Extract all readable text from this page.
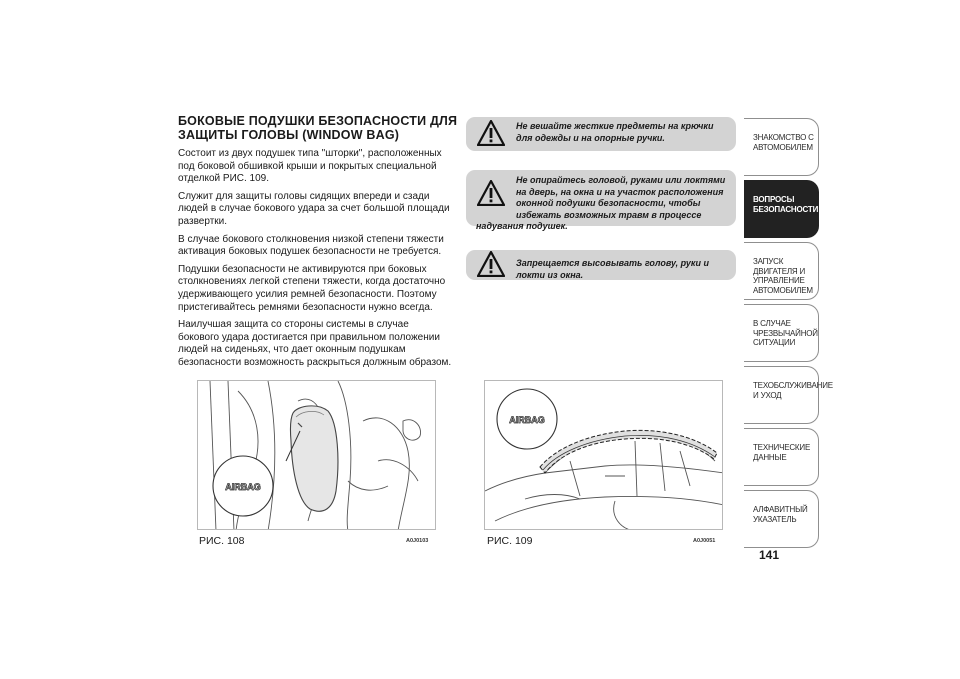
БОКОВЫЕ ПОДУШКИ БЕЗОПАСНОСТИ ДЛЯ ЗАЩИТЫ ГОЛОВЫ (WINDOW BAG)

Состоит из двух подушек типа "шторки", расположенных под боковой обшивкой крыши и покрытых специальной отделкой РИС. 109.

Служит для защиты головы сидящих впереди и сзади людей в случае бокового удара за счет большой площади развертки.

В случае бокового столкновения низкой степени тяжести активация боковых подушек безопасности не требуется.

Подушки безопасности не активируются при боковых столкновениях легкой степени тяжести, когда достаточно удерживающего усилия ремней безопасности. Поэтому пристегивайтесь ремнями безопасности нужно всегда.

Наилучшая защита со стороны системы в случае бокового удара достигается при правильном положении людей на сиденьях, что дает оконным подушкам безопасности возможность раскрыться должным образом.

Не вешайте жесткие предметы на крючки для одежды и на опорные ручки.
Не опирайтесь головой, руками или локтями на дверь, на окна и на участок расположения оконной подушки безопасности, чтобы избежать возможных травм в процессе
надувания подушек.
Запрещается высовывать голову, руки и локти из окна.
AIRBAG
AIRBAG
РИС. 108	A0J0103	РИС. 109	A0J0051
ЗНАКОМСТВО С
АВТОМОБИЛЕМ
ВОПРОСЫ
БЕЗОПАСНОСТИ
ЗАПУСК ДВИГАТЕЛЯ И
УПРАВЛЕНИЕ
АВТОМОБИЛЕМ
В СЛУЧАЕ
ЧРЕЗВЫЧАЙНОЙ
СИТУАЦИИ
ТЕХОБСЛУЖИВАНИЕ
И УХОД
ТЕХНИЧЕСКИЕ
ДАННЫЕ
АЛФАВИТНЫЙ
УКАЗАТЕЛЬ
141
